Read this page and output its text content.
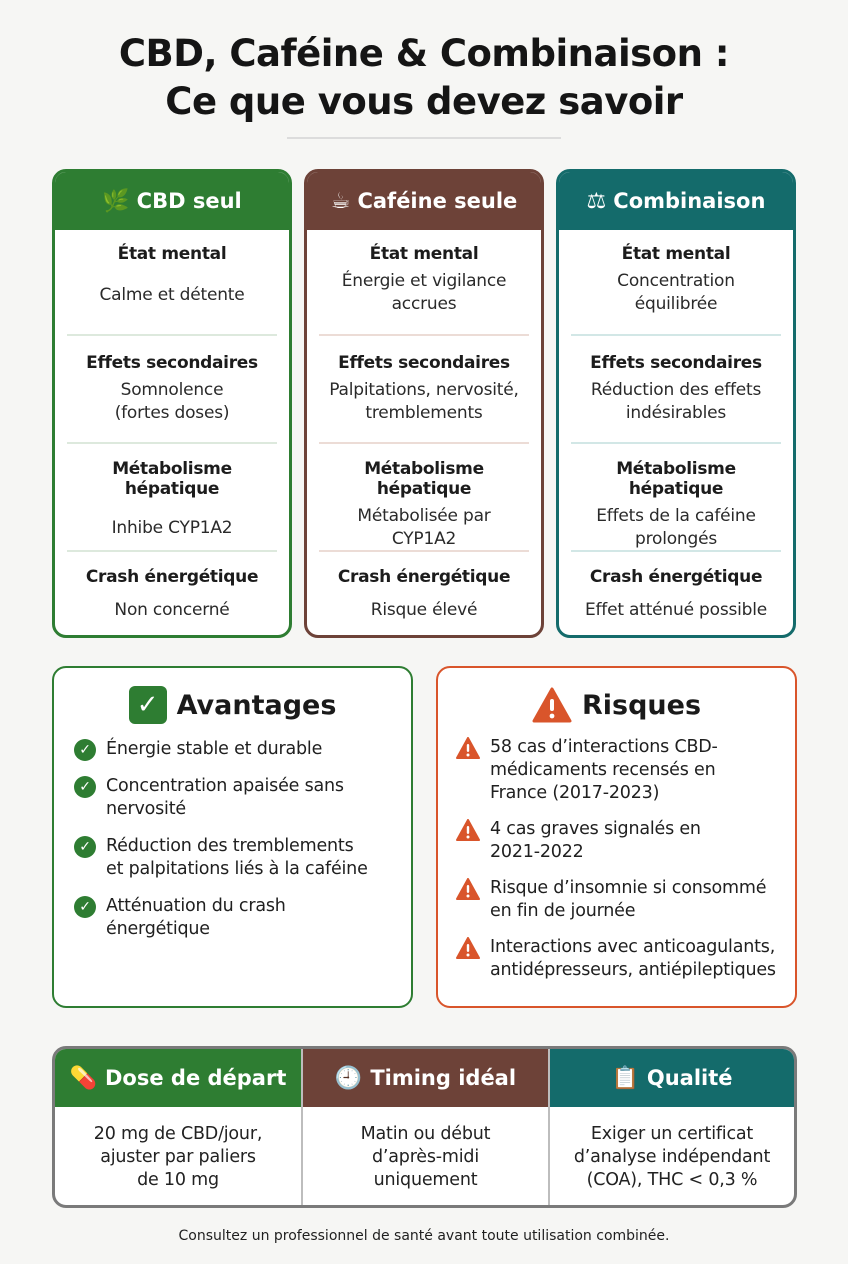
CBD, Caféine & Combinaison :
Ce que vous devez savoir
🌿 CBD seul
État mental
Calme et détente
Effets secondaires
Somnolence
(fortes doses)
Métabolisme hépatique
Inhibe CYP1A2
Crash énergétique
Non concerné
☕ Caféine seule
État mental
Énergie et vigilance
accrues
Effets secondaires
Palpitations, nervosité,
tremblements
Métabolisme hépatique
Métabolisée par
CYP1A2
Crash énergétique
Risque élevé
⚖ Combinaison
État mental
Concentration
équilibrée
Effets secondaires
Réduction des effets
indésirables
Métabolisme hépatique
Effets de la caféine
prolongés
Crash énergétique
Effet atténué possible
✓ Avantages
✓ Énergie stable et durable
✓ Concentration apaisée sans
nervosité
✓ Réduction des tremblements
et palpitations liés à la caféine
✓ Atténuation du crash
énergétique
Risques
58 cas d’interactions CBD-
médicaments recensés en
France (2017-2023)
4 cas graves signalés en
2021-2022
Risque d’insomnie si consommé
en fin de journée
Interactions avec anticoagulants,
antidépresseurs, antiépileptiques
💊 Dose de départ
20 mg de CBD/jour,
ajuster par paliers
de 10 mg
🕘 Timing idéal
Matin ou début
d’après-midi
uniquement
📋 Qualité
Exiger un certificat
d’analyse indépendant
(COA), THC < 0,3 %
Consultez un professionnel de santé avant toute utilisation combinée.
